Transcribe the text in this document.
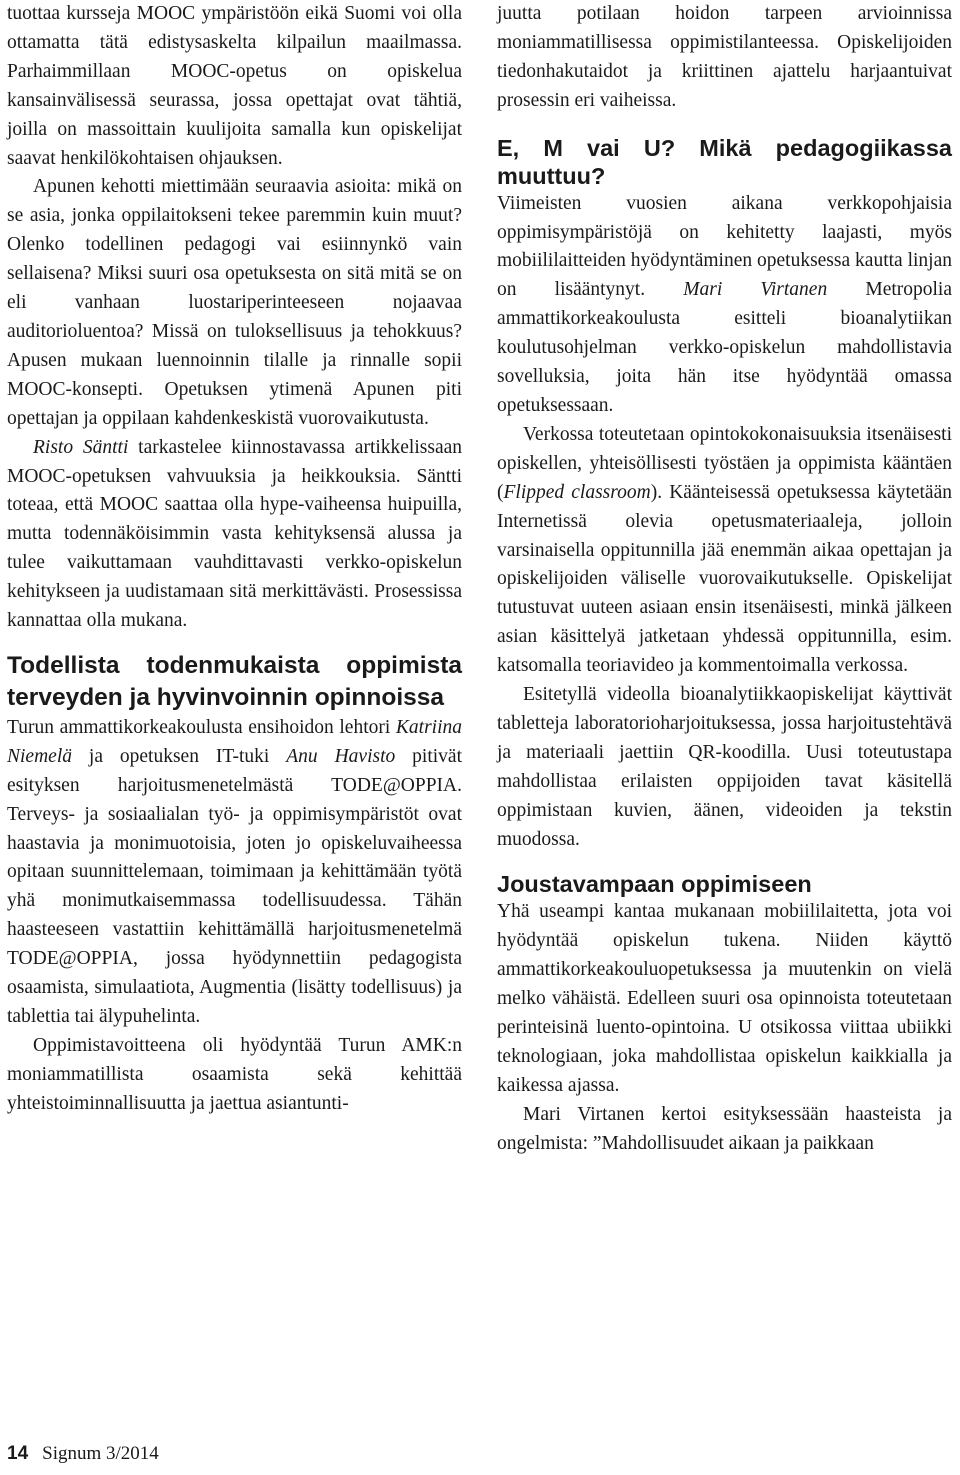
tuottaa kursseja MOOC ympäristöön eikä Suomi voi olla ottamatta tätä edistysaskelta kilpailun maailmassa. Parhaimmillaan MOOC-opetus on opiskelua kansainvälisessä seurassa, jossa opettajat ovat tähtiä, joilla on massoittain kuulijoita samalla kun opiskelijat saavat henkilökohtaisen ohjauksen.

Apunen kehotti miettimään seuraavia asioita: mikä on se asia, jonka oppilaitokseni tekee paremmin kuin muut? Olenko todellinen pedagogi vai esiinnynkö vain sellaisena? Miksi suuri osa opetuksesta on sitä mitä se on eli vanhaan luostariperinteeseen nojaavaa auditorioluentoa? Missä on tuloksellisuus ja tehokkuus? Apusen mukaan luennoinnin tilalle ja rinnalle sopii MOOC-konsepti. Opetuksen ytimenä Apunen piti opettajan ja oppilaan kahdenkeskistä vuorovaikutusta.

Risto Säntti tarkastelee kiinnostavassa artikkelissaan MOOC-opetuksen vahvuuksia ja heikkouksia. Säntti toteaa, että MOOC saattaa olla hype-vaiheensa huipuilla, mutta todennäköisimmin vasta kehityksensä alussa ja tulee vaikuttamaan vauhdittavasti verkko-opiskelun kehitykseen ja uudistamaan sitä merkittävästi. Prosessissa kannattaa olla mukana.

Todellista todenmukaista oppimista terveyden ja hyvinvoinnin opinnoissa

Turun ammattikorkeakoulusta ensihoidon lehtori Katriina Niemelä ja opetuksen IT-tuki Anu Havisto pitivät esityksen harjoitusmenetelmästä TODE@OPPIA. Terveys- ja sosiaalialan työ- ja oppimisympäristöt ovat haastavia ja monimuotoisia, joten jo opiskeluvaiheessa opitaan suunnittelemaan, toimimaan ja kehittämään työtä yhä monimutkaisemmassa todellisuudessa. Tähän haasteeseen vastattiin kehittämällä harjoitusmenetelmä TODE@OPPIA, jossa hyödynnettiin pedagogista osaamista, simulaatiota, Augmentia (lisätty todellisuus) ja tablettia tai älypuhelinta.

Oppimistavoitteena oli hyödyntää Turun AMK:n moniammatillista osaamista sekä kehittää yhteistoiminnallisuutta ja jaettua asiantunti-

juutta potilaan hoidon tarpeen arvioinnissa moniammatillisessa oppimistilanteessa. Opiskelijoiden tiedonhakutaidot ja kriittinen ajattelu harjaantuivat prosessin eri vaiheissa.

E, M vai U? Mikä pedagogiikassa muuttuu?

Viimeisten vuosien aikana verkkopohjaisia oppimisympäristöjä on kehitetty laajasti, myös mobiililaitteiden hyödyntäminen opetuksessa kautta linjan on lisääntynyt. Mari Virtanen Metropolia ammattikorkeakoulusta esitteli bioanalytiikan koulutusohjelman verkko-opiskelun mahdollistavia sovelluksia, joita hän itse hyödyntää omassa opetuksessaan.

Verkossa toteutetaan opintokokonaisuuksia itsenäisesti opiskellen, yhteisöllisesti työstäen ja oppimista kääntäen (Flipped classroom). Käänteisessä opetuksessa käytetään Internetissä olevia opetusmateriaaleja, jolloin varsinaisella oppitunnilla jää enemmän aikaa opettajan ja opiskelijoiden väliselle vuorovaikutukselle. Opiskelijat tutustuvat uuteen asiaan ensin itsenäisesti, minkä jälkeen asian käsittelyä jatketaan yhdessä oppitunnilla, esim. katsomalla teoriavideo ja kommentoimalla verkossa.

Esitetyllä videolla bioanalytiikkaopiskelijat käyttivät tabletteja laboratorioharjoituksessa, jossa harjoitustehtävä ja materiaali jaettiin QR-koodilla. Uusi toteutustapa mahdollistaa erilaisten oppijoiden tavat käsitellä oppimistaan kuvien, äänen, videoiden ja tekstin muodossa.

Joustavampaan oppimiseen

Yhä useampi kantaa mukanaan mobiililaitetta, jota voi hyödyntää opiskelun tukena. Niiden käyttö ammattikorkeakouluopetuksessa ja muutenkin on vielä melko vähäistä. Edelleen suuri osa opinnoista toteutetaan perinteisinä luento-opintoina. U otsikossa viittaa ubiikki teknologiaan, joka mahdollistaa opiskelun kaikkialla ja kaikessa ajassa.

Mari Virtanen kertoi esityksessään haasteista ja ongelmista: ”Mahdollisuudet aikaan ja paikkaan

14 Signum 3/2014
